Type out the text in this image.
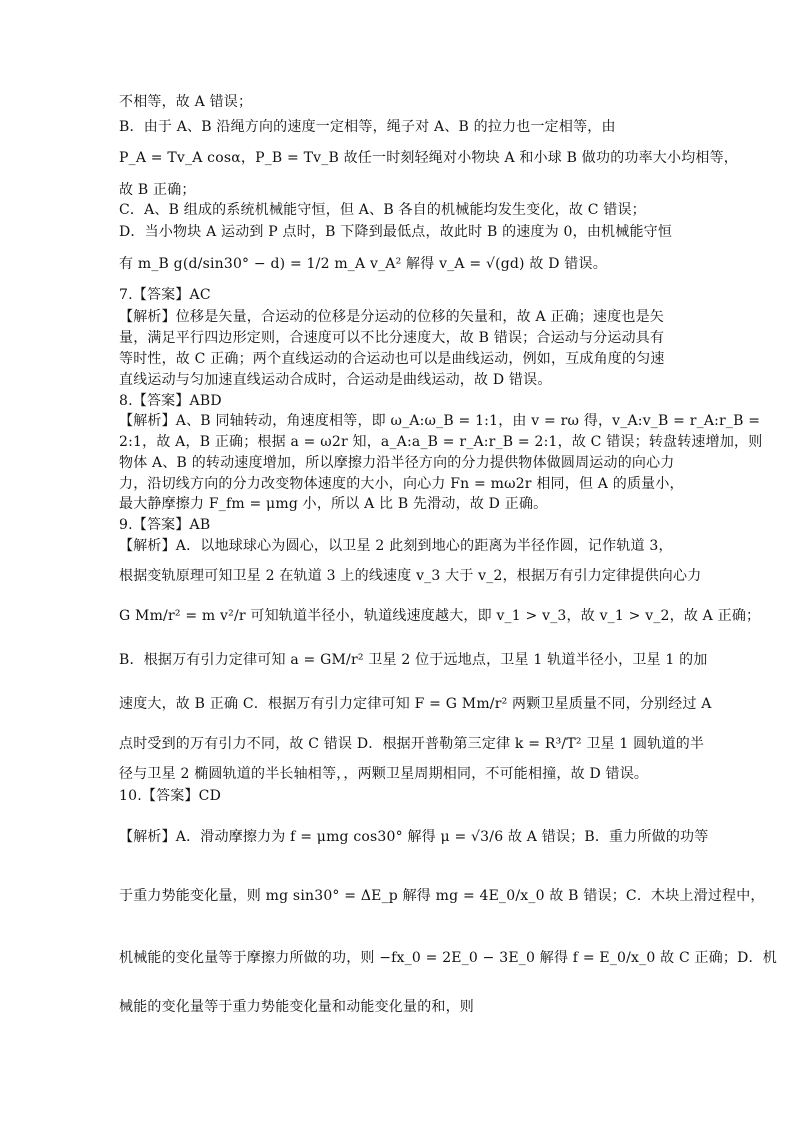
不相等，故 A 错误；
B．由于 A、B 沿绳方向的速度一定相等，绳子对 A、B 的拉力也一定相等，由
P_A = Tv_A cosα，P_B = Tv_B 故任一时刻轻绳对小物块 A 和小球 B 做功的功率大小均相等，
故 B 正确；
C．A、B 组成的系统机械能守恒，但 A、B 各自的机械能均发生变化，故 C 错误；
D．当小物块 A 运动到 P 点时，B 下降到最低点，故此时 B 的速度为 0，由机械能守恒
有 m_B g(d/sin30° − d) = 1/2 m_A v_A² 解得 v_A = √(gd) 故 D 错误。
7.【答案】AC
【解析】位移是矢量，合运动的位移是分运动的位移的矢量和，故 A 正确；速度也是矢
量，满足平行四边形定则，合速度可以不比分速度大，故 B 错误；合运动与分运动具有
等时性，故 C 正确；两个直线运动的合运动也可以是曲线运动，例如，互成角度的匀速
直线运动与匀加速直线运动合成时，合运动是曲线运动，故 D 错误。
8.【答案】ABD
【解析】A、B 同轴转动，角速度相等，即 ω_A:ω_B = 1:1，由 v = rω 得，v_A:v_B = r_A:r_B =
2:1，故 A，B 正确；根据 a = ω2r 知，a_A:a_B = r_A:r_B = 2:1，故 C 错误；转盘转速增加，则
物体 A、B 的转动速度增加，所以摩擦力沿半径方向的分力提供物体做圆周运动的向心力
力，沿切线方向的分力改变物体速度的大小，向心力 Fn = mω2r 相同，但 A 的质量小，
最大静摩擦力 F_fm = μmg 小，所以 A 比 B 先滑动，故 D 正确。
9.【答案】AB
【解析】A．以地球球心为圆心，以卫星 2 此刻到地心的距离为半径作圆，记作轨道 3，
根据变轨原理可知卫星 2 在轨道 3 上的线速度 v_3 大于 v_2，根据万有引力定律提供向心力
G Mm/r² = m v²/r 可知轨道半径小，轨道线速度越大，即 v_1 > v_3，故 v_1 > v_2，故 A 正确；
B．根据万有引力定律可知 a = GM/r² 卫星 2 位于远地点，卫星 1 轨道半径小，卫星 1 的加
速度大，故 B 正确 C．根据万有引力定律可知 F = G Mm/r² 两颗卫星质量不同，分别经过 A
点时受到的万有引力不同，故 C 错误 D．根据开普勒第三定律 k = R³/T² 卫星 1 圆轨道的半
径与卫星 2 椭圆轨道的半长轴相等，，两颗卫星周期相同，不可能相撞，故 D 错误。
10.【答案】CD
【解析】A．滑动摩擦力为 f = μmg cos30° 解得 μ = √3/6 故 A 错误；B．重力所做的功等
于重力势能变化量，则 mg sin30° = ΔE_p 解得 mg = 4E_0/x_0 故 B 错误；C．木块上滑过程中，
机械能的变化量等于摩擦力所做的功，则 −fx_0 = 2E_0 − 3E_0 解得 f = E_0/x_0 故 C 正确；D．机
械能的变化量等于重力势能变化量和动能变化量的和，则
